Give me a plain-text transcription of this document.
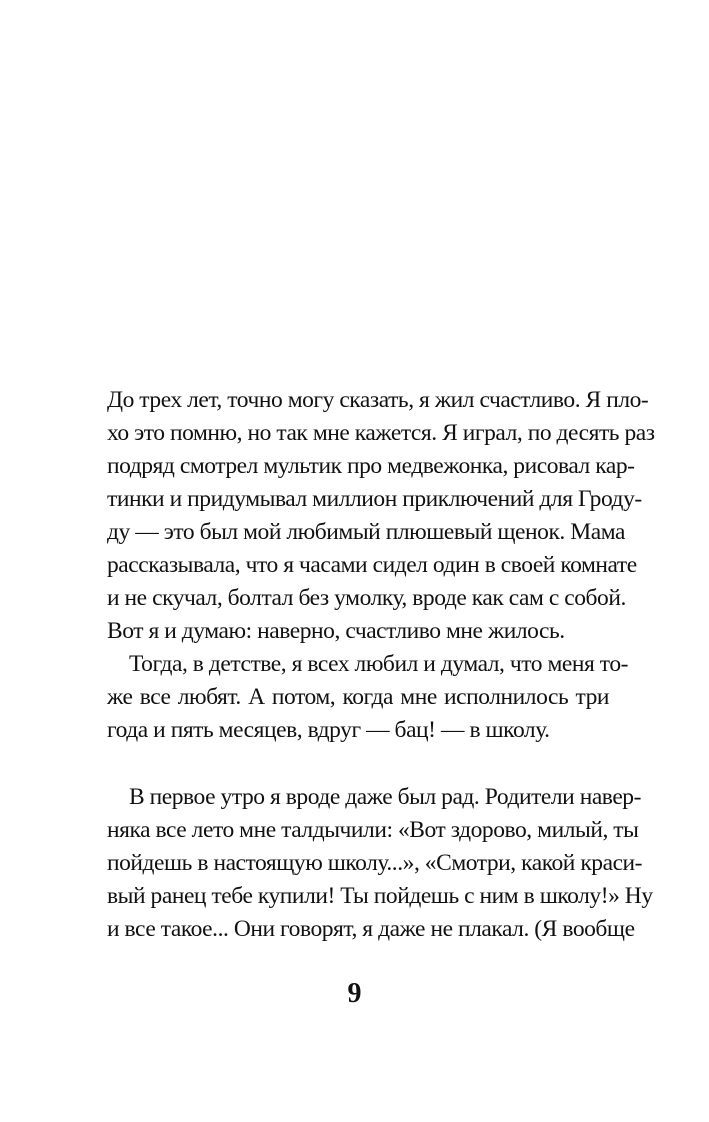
До трех лет, точно могу сказать, я жил счастливо. Я пло-
хо это помню, но так мне кажется. Я играл, по десять раз
подряд смотрел мультик про медвежонка, рисовал кар-
тинки и придумывал миллион приключений для Гроду-
ду — это был мой любимый плюшевый щенок. Мама
рассказывала, что я часами сидел один в своей комнате
и не скучал, болтал без умолку, вроде как сам с собой.
Вот я и думаю: наверно, счастливо мне жилось.
Тогда, в детстве, я всех любил и думал, что меня то-
же все любят. А потом, когда мне исполнилось три
года и пять месяцев, вдруг — бац! — в школу.
В первое утро я вроде даже был рад. Родители навер-
няка все лето мне талдычили: «Вот здорово, милый, ты
пойдешь в настоящую школу...», «Смотри, какой краси-
вый ранец тебе купили! Ты пойдешь с ним в школу!» Ну
и все такое... Они говорят, я даже не плакал. (Я вообще
9
